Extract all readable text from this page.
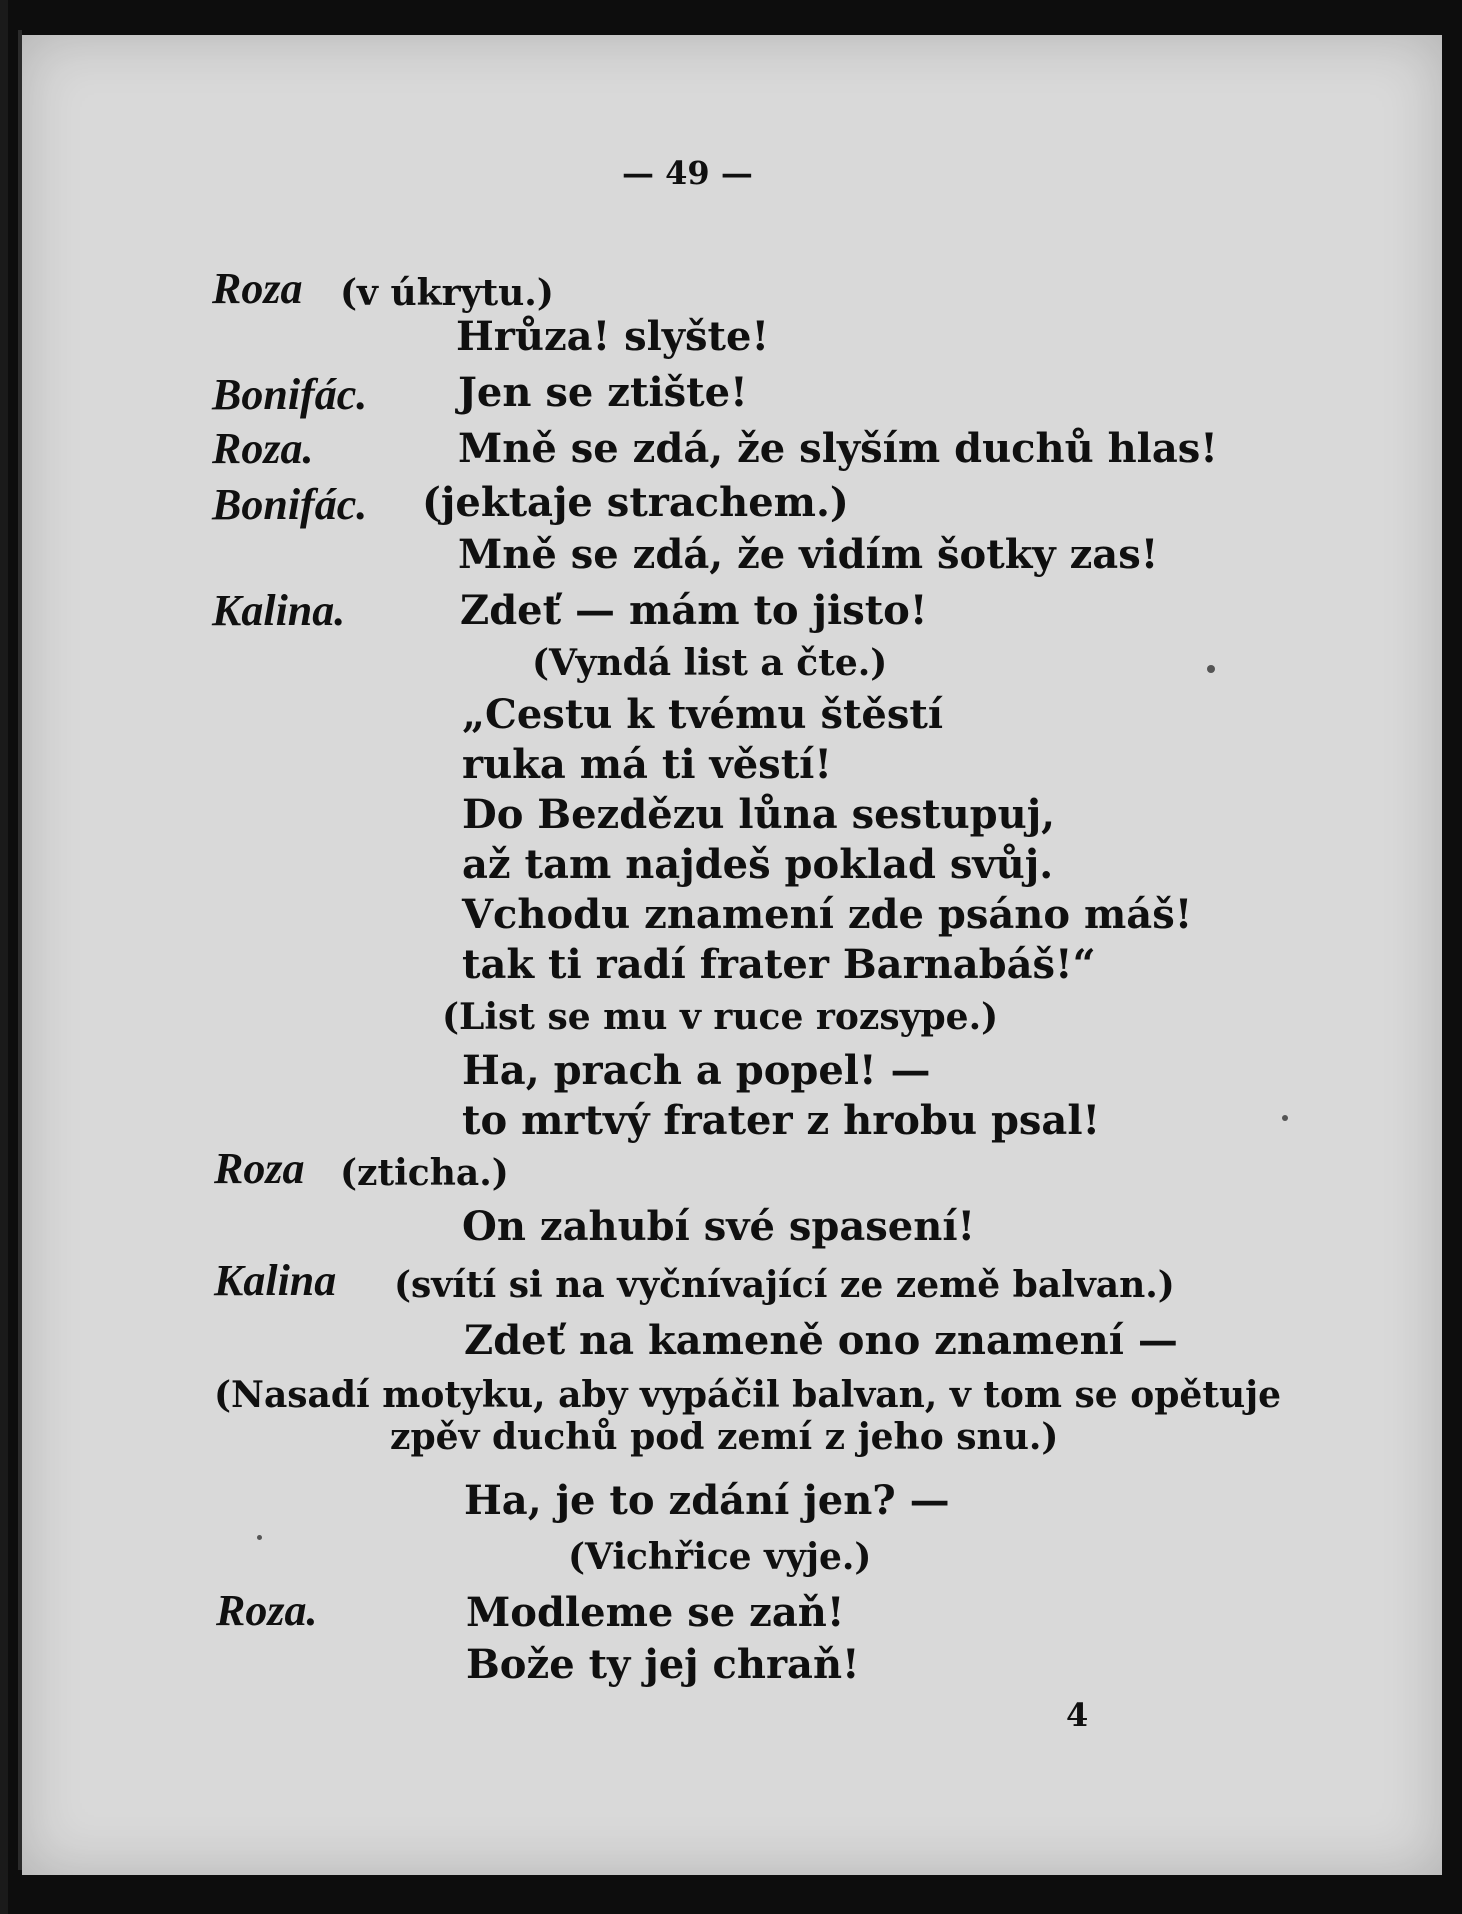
— 49 —
Roza (v úkrytu.)
Hrůza! slyšte!
Bonifác. Jen se ztište!
Roza.	Mně se zdá, že slyším duchů hlas!
Bonifác. (jektaje strachem.)
Mně se zdá, že vidím šotky zas!
Kalina.	Zdeť — mám to jisto!
(Vyndá list a čte.)
„Cestu k tvému štěstí
ruka má ti věstí!
Do Bezdězu lůna sestupuj,
až tam najdeš poklad svůj.
Vchodu znamení zde psáno máš!
tak ti radí frater Barnabáš!“
(List se mu v ruce rozsype.)
Ha, prach a popel! —
to mrtvý frater z hrobu psal!
Roza (zticha.)
On zahubí své spasení!
Kalina (svítí si na vyčnívající ze země balvan.)
Zdeť na kameně ono znamení —
(Nasadí motyku, aby vypáčil balvan, v tom se opětuje
zpěv duchů pod zemí z jeho snu.)
Ha, je to zdání jen? —
(Vichřice vyje.)
Roza.	Modleme se zaň!
Bože ty jej chraň!
4
